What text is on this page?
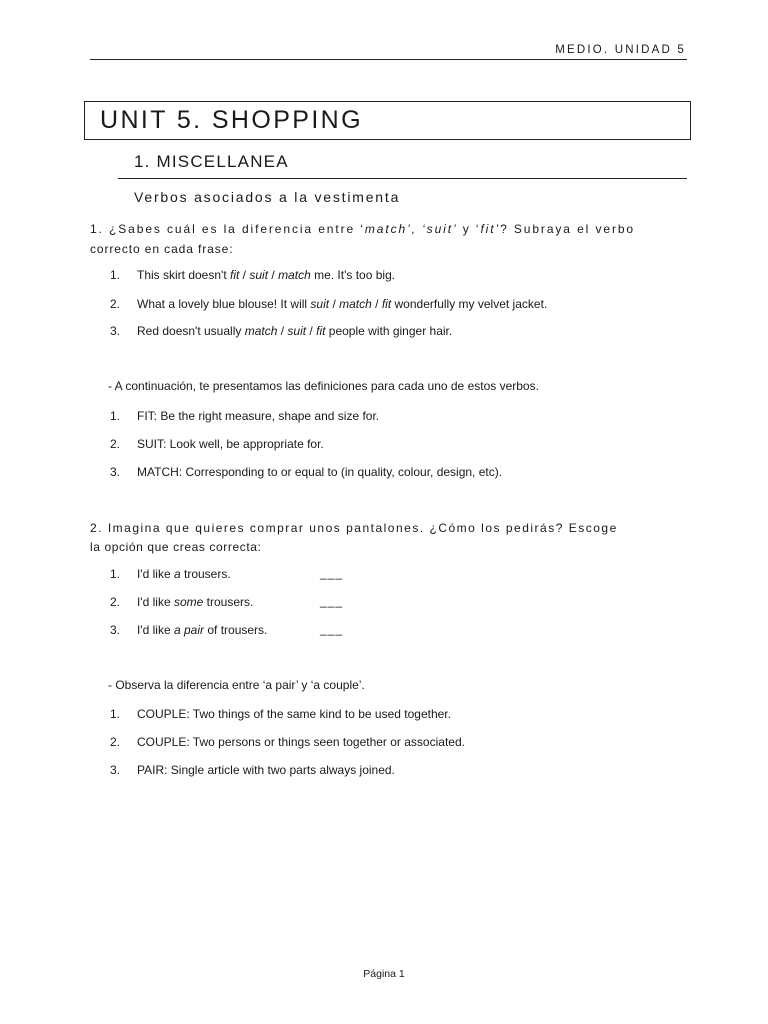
MEDIO. UNIDAD 5
UNIT 5. SHOPPING
1. MISCELLANEA
Verbos asociados a la vestimenta
1. ¿Sabes cuál es la diferencia entre ‘match’, ‘suit’ y ‘fit’? Subraya el verbo
correcto en cada frase:
1. This skirt doesn't fit / suit / match me. It's too big.
2. What a lovely blue blouse! It will suit / match / fit wonderfully my velvet jacket.
3. Red doesn't usually match / suit / fit people with ginger hair.
- A continuación, te presentamos las definiciones para cada uno de estos verbos.
1. FIT: Be the right measure, shape and size for.
2. SUIT: Look well, be appropriate for.
3. MATCH: Corresponding to or equal to (in quality, colour, design, etc).
2. Imagina que quieres comprar unos pantalones. ¿Cómo los pedirás? Escoge
la opción que creas correcta:
1. I'd like a trousers.	___
2. I'd like some trousers.	___
3. I'd like a pair of trousers.	___
- Observa la diferencia entre ‘a pair’ y ‘a couple’.
1. COUPLE: Two things of the same kind to be used together.
2. COUPLE: Two persons or things seen together or associated.
3. PAIR: Single article with two parts always joined.
Página 1
